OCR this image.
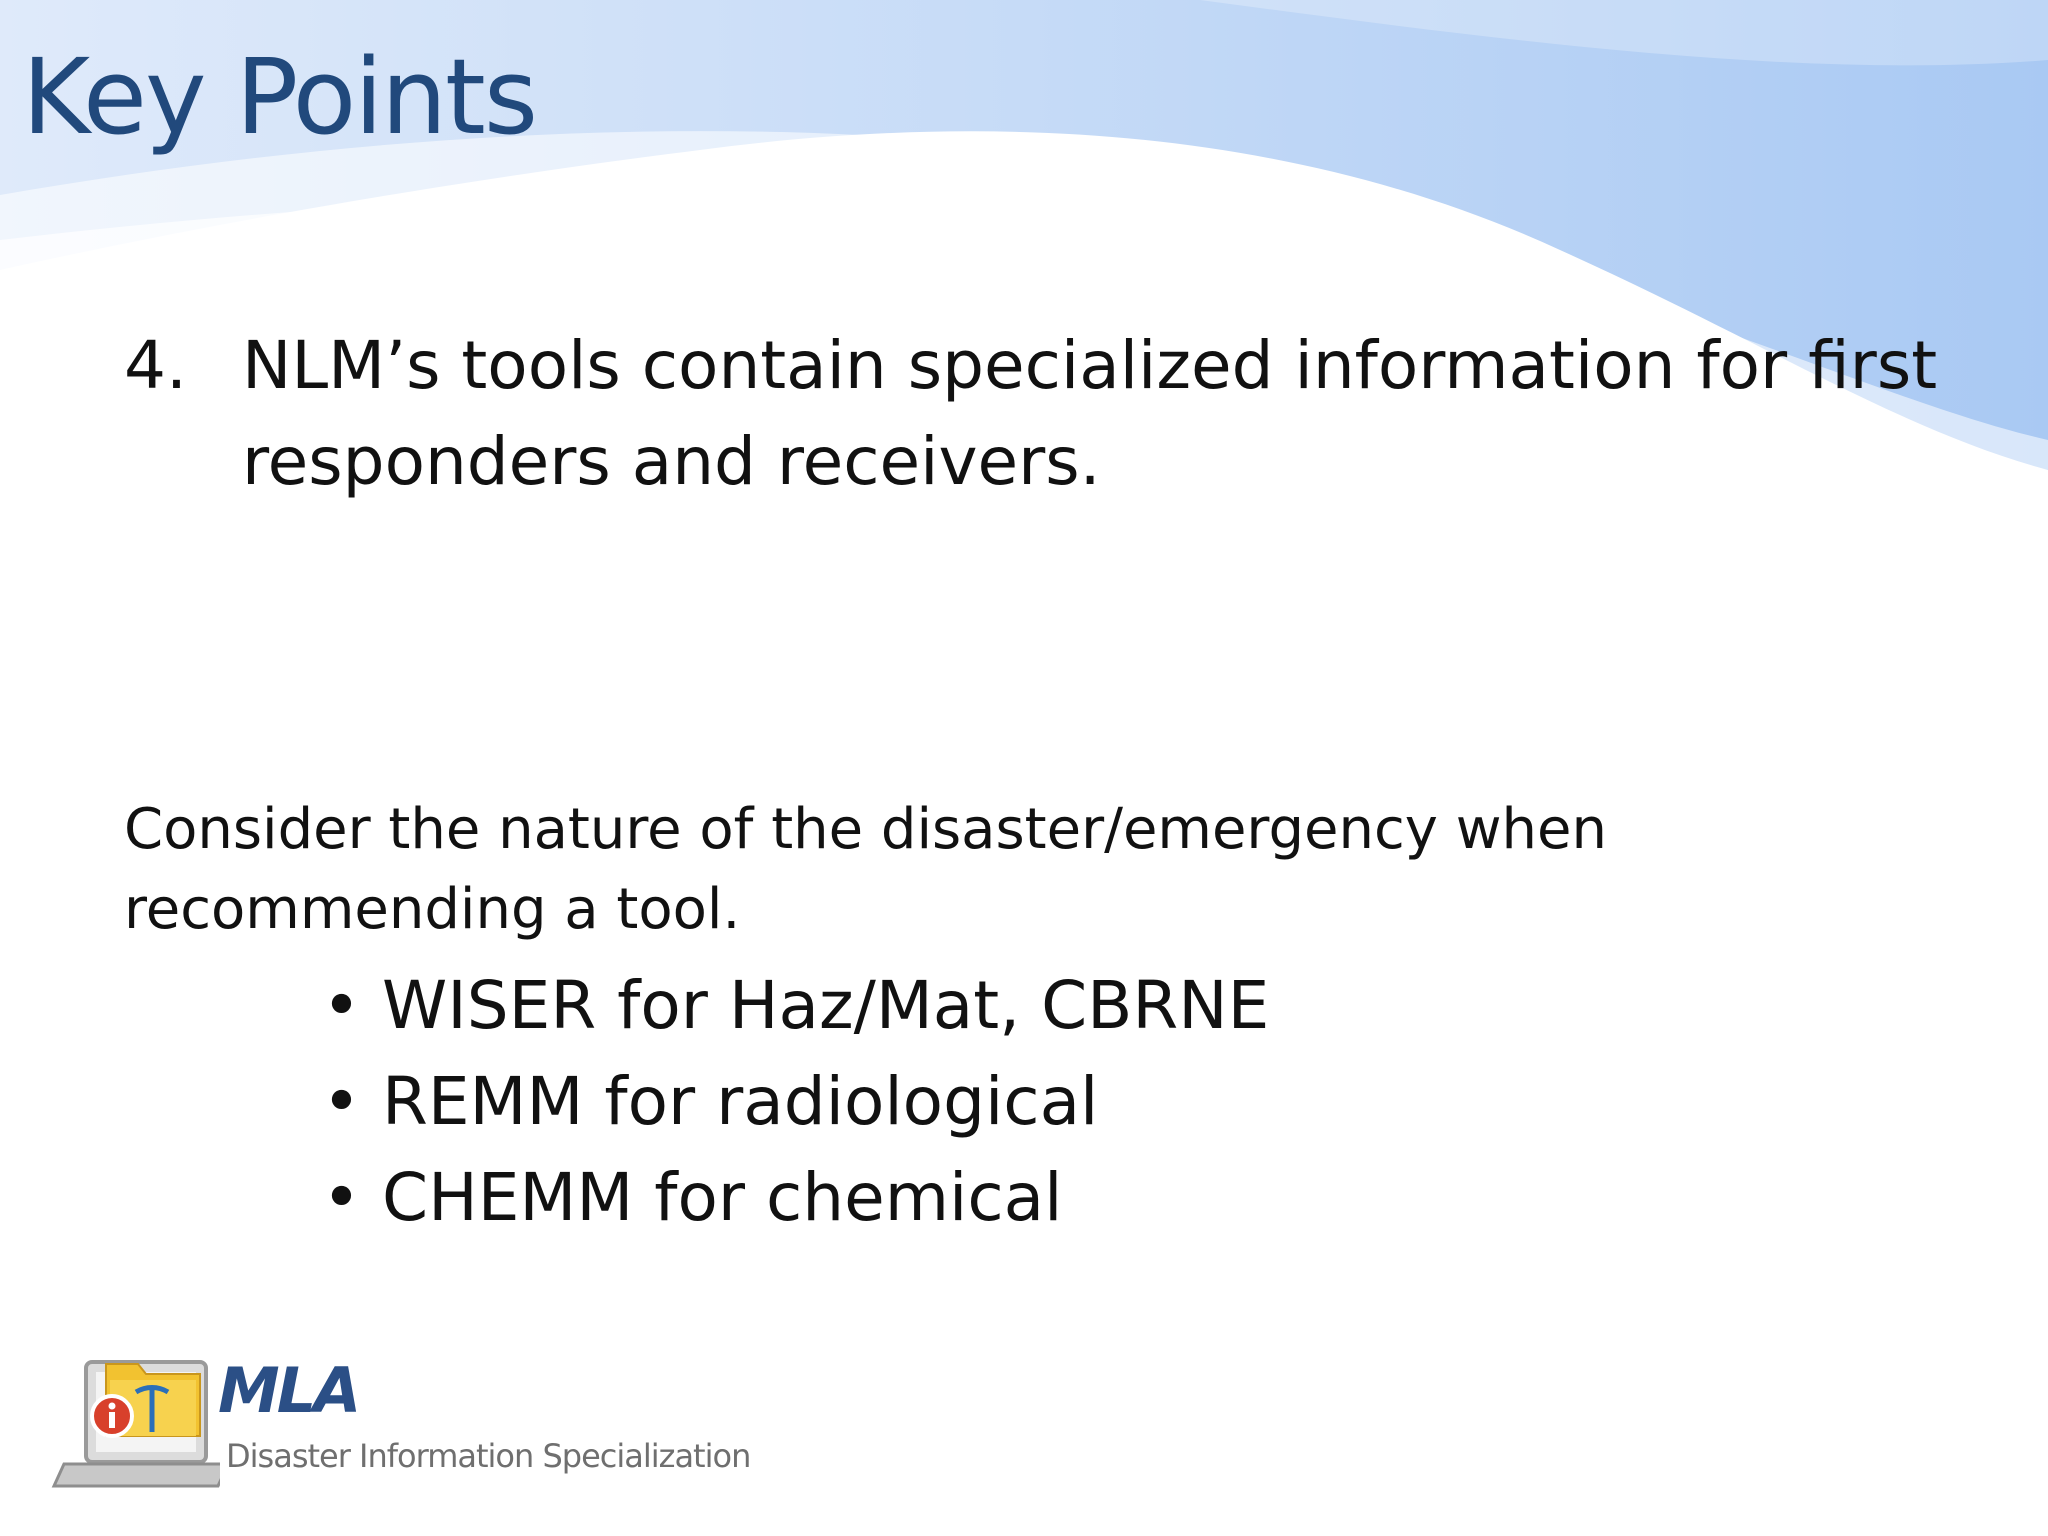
Key Points
4. NLM’s tools contain specialized information for first responders and receivers.
Consider the nature of the disaster/emergency when recommending a tool.
• WISER for Haz/Mat, CBRNE
• REMM for radiological
• CHEMM for chemical
MLA
Disaster Information Specialization
